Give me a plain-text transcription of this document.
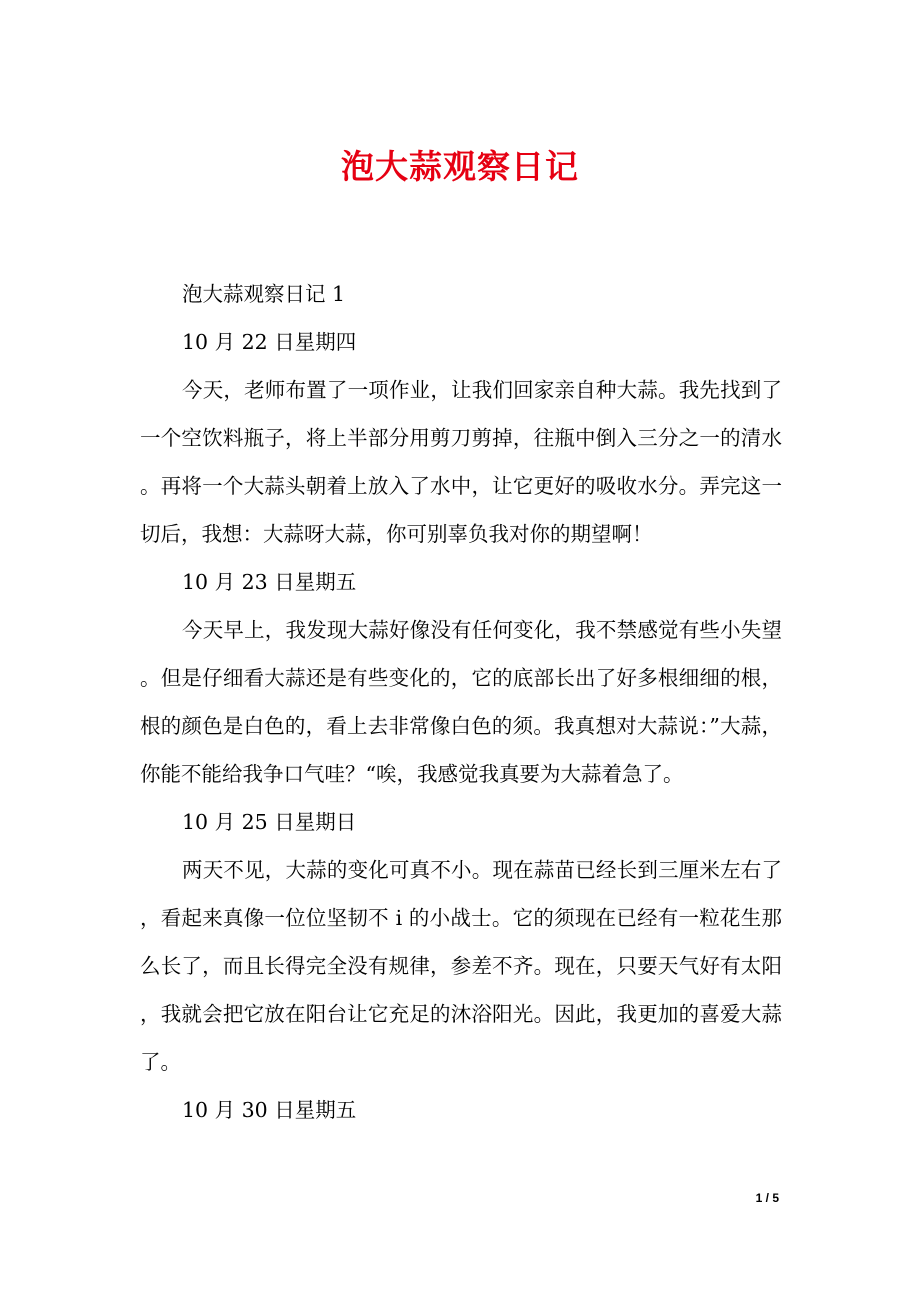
泡大蒜观察日记

泡大蒜观察日记 1

10 月 22 日星期四

今天，老师布置了一项作业，让我们回家亲自种大蒜。我先找到了一个空饮料瓶子，将上半部分用剪刀剪掉，往瓶中倒入三分之一的清水。再将一个大蒜头朝着上放入了水中，让它更好的吸收水分。弄完这一切后，我想：大蒜呀大蒜，你可别辜负我对你的期望啊！

10 月 23 日星期五

今天早上，我发现大蒜好像没有任何变化，我不禁感觉有些小失望。但是仔细看大蒜还是有些变化的，它的底部长出了好多根细细的根，根的颜色是白色的，看上去非常像白色的须。我真想对大蒜说：”大蒜，你能不能给我争口气哇？“唉，我感觉我真要为大蒜着急了。

10 月 25 日星期日

两天不见，大蒜的变化可真不小。现在蒜苗已经长到三厘米左右了，看起来真像一位位坚韧不 i 的小战士。它的须现在已经有一粒花生那么长了，而且长得完全没有规律，参差不齐。现在，只要天气好有太阳，我就会把它放在阳台让它充足的沐浴阳光。因此，我更加的喜爱大蒜了。

10 月 30 日星期五

1 / 5
